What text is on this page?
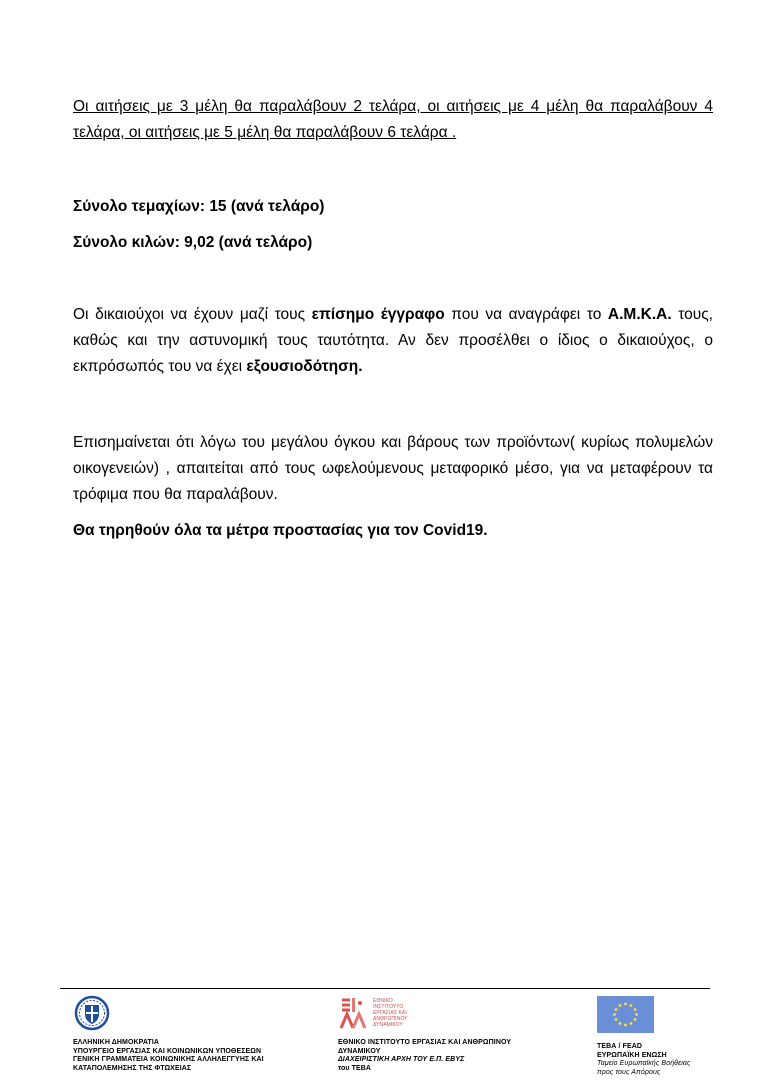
Οι αιτήσεις με 3 μέλη θα παραλάβουν 2 τελάρα, οι αιτήσεις με 4 μέλη θα παραλάβουν 4 τελάρα, οι αιτήσεις με 5 μέλη θα παραλάβουν 6 τελάρα .
Σύνολο τεμαχίων: 15 (ανά τελάρο)
Σύνολο κιλών: 9,02 (ανά τελάρο)
Οι δικαιούχοι να έχουν μαζί τους επίσημο έγγραφο που να αναγράφει το Α.Μ.Κ.Α. τους, καθώς και την αστυνομική τους ταυτότητα. Αν δεν προσέλθει ο ίδιος ο δικαιούχος, ο εκπρόσωπός του να έχει εξουσιοδότηση.
Επισημαίνεται ότι λόγω του μεγάλου όγκου και βάρους των προϊόντων( κυρίως πολυμελών οικογενειών) , απαιτείται από τους ωφελούμενους μεταφορικό μέσο, για να μεταφέρουν τα τρόφιμα που θα παραλάβουν.
Θα τηρηθούν όλα τα μέτρα προστασίας για τον Covid19.
ΕΛΛΗΝΙΚΗ ΔΗΜΟΚΡΑΤΙΑ
ΥΠΟΥΡΓΕΙΟ ΕΡΓΑΣΙΑΣ ΚΑΙ ΚΟΙΝΩΝΙΚΩΝ ΥΠΟΘΕΣΕΩΝ
ΓΕΝΙΚΗ ΓΡΑΜΜΑΤΕΙΑ ΚΟΙΝΩΝΙΚΗΣ ΑΛΛΗΛΕΓΓΥΗΣ ΚΑΙ
ΚΑΤΑΠΟΛΕΜΗΣΗΣ ΤΗΣ ΦΤΩΧΕΙΑΣ
ΕΘΝΙΚΟ
ΙΝΣΤΙΤΟΥΤΟ
ΕΡΓΑΣΙΑΣ ΚΑΙ
ΑΝΘΡΩΠΙΝΟΥ
ΔΥΝΑΜΙΚΟΥ
ΕΘΝΙΚΟ ΙΝΣΤΙΤΟΥΤΟ ΕΡΓΑΣΙΑΣ ΚΑΙ ΑΝΘΡΩΠΙΝΟΥ
ΔΥΝΑΜΙΚΟΥ
ΔΙΑΧΕΙΡΙΣΤΙΚΗ ΑΡΧΗ ΤΟΥ Ε.Π. ΕΒΥΣ
του ΤΕΒΑ
ΤΕΒΑ / FEAD
ΕΥΡΩΠΑΪΚΗ ΕΝΩΣΗ
Ταμείο Ευρωπαϊκής Βοήθειας
προς τους Απόρους
